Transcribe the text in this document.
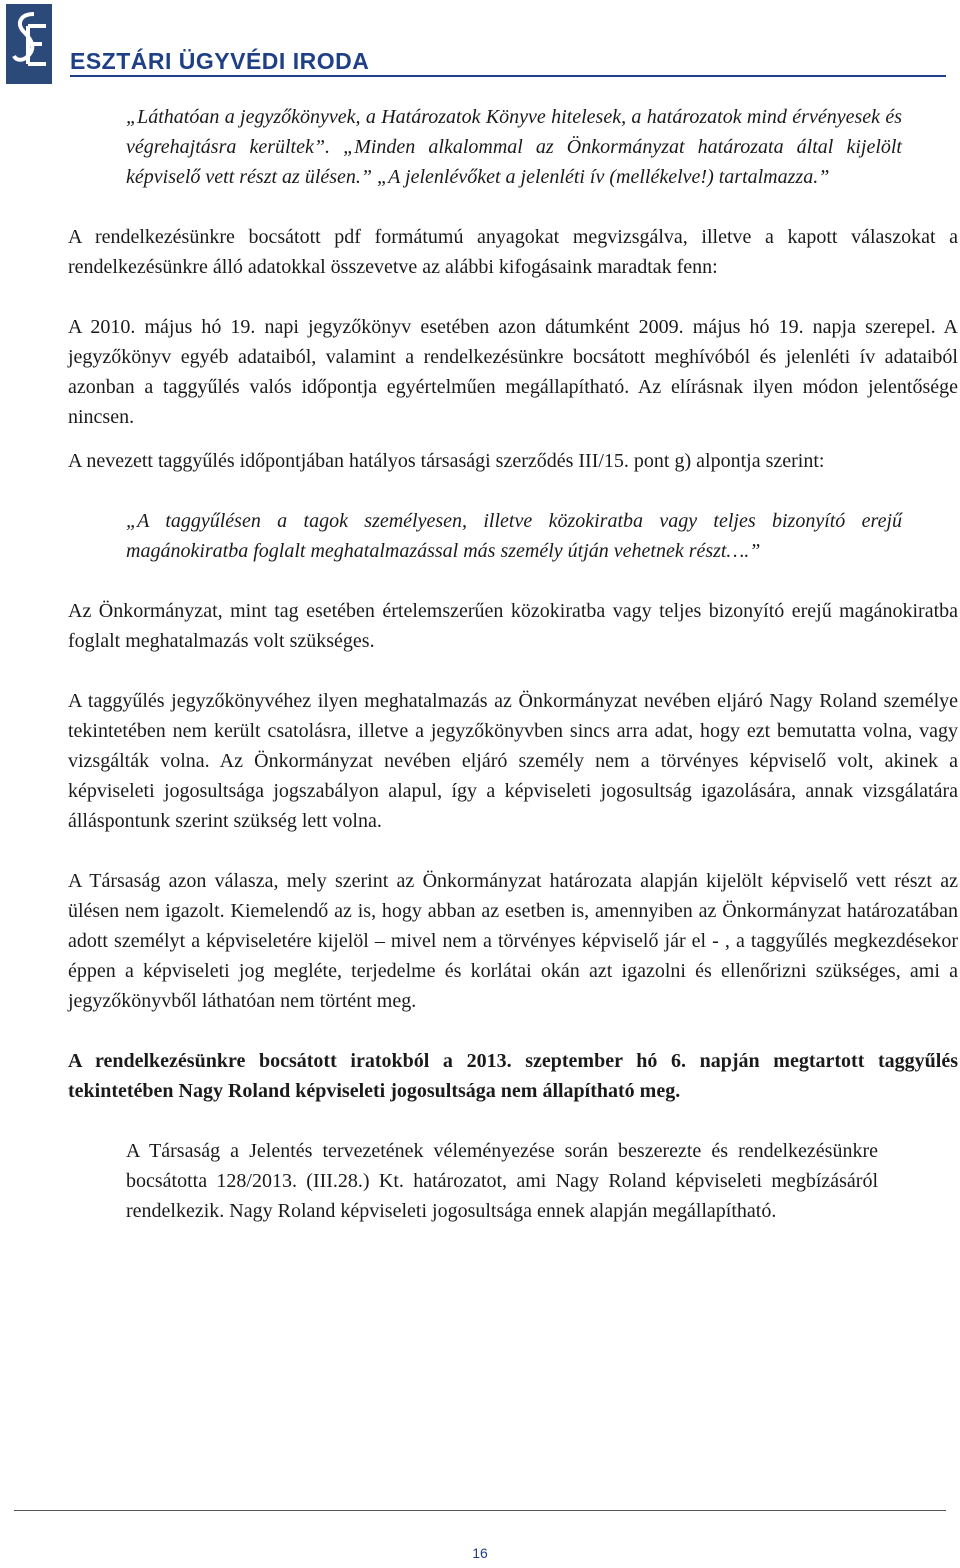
ESZTÁRI ÜGYVÉDI IRODA

„Láthatóan a jegyzőkönyvek, a Határozatok Könyve hitelesek, a határozatok mind érvényesek és végrehajtásra kerültek”. „Minden alkalommal az Önkormányzat határozata által kijelölt képviselő vett részt az ülésen.” „A jelenlévőket a jelenléti ív (mellékelve!) tartalmazza.”

A rendelkezésünkre bocsátott pdf formátumú anyagokat megvizsgálva, illetve a kapott válaszokat a rendelkezésünkre álló adatokkal összevetve az alábbi kifogásaink maradtak fenn:

A 2010. május hó 19. napi jegyzőkönyv esetében azon dátumként 2009. május hó 19. napja szerepel. A jegyzőkönyv egyéb adataiból, valamint a rendelkezésünkre bocsátott meghívóból és jelenléti ív adataiból azonban a taggyűlés valós időpontja egyértelműen megállapítható. Az elírásnak ilyen módon jelentősége nincsen.

A nevezett taggyűlés időpontjában hatályos társasági szerződés III/15. pont g) alpontja szerint:

„A taggyűlésen a tagok személyesen, illetve közokiratba vagy teljes bizonyító erejű magánokiratba foglalt meghatalmazással más személy útján vehetnek részt….”

Az Önkormányzat, mint tag esetében értelemszerűen közokiratba vagy teljes bizonyító erejű magánokiratba foglalt meghatalmazás volt szükséges.

A taggyűlés jegyzőkönyvéhez ilyen meghatalmazás az Önkormányzat nevében eljáró Nagy Roland személye tekintetében nem került csatolásra, illetve a jegyzőkönyvben sincs arra adat, hogy ezt bemutatta volna, vagy vizsgálták volna. Az Önkormányzat nevében eljáró személy nem a törvényes képviselő volt, akinek a képviseleti jogosultsága jogszabályon alapul, így a képviseleti jogosultság igazolására, annak vizsgálatára álláspontunk szerint szükség lett volna.

A Társaság azon válasza, mely szerint az Önkormányzat határozata alapján kijelölt képviselő vett részt az ülésen nem igazolt. Kiemelendő az is, hogy abban az esetben is, amennyiben az Önkormányzat határozatában adott személyt a képviseletére kijelöl – mivel nem a törvényes képviselő jár el - , a taggyűlés megkezdésekor éppen a képviseleti jog megléte, terjedelme és korlátai okán azt igazolni és ellenőrizni szükséges, ami a jegyzőkönyvből láthatóan nem történt meg.

A rendelkezésünkre bocsátott iratokból a 2013. szeptember hó 6. napján megtartott taggyűlés tekintetében Nagy Roland képviseleti jogosultsága nem állapítható meg.

A Társaság a Jelentés tervezetének véleményezése során beszerezte és rendelkezésünkre bocsátotta 128/2013. (III.28.) Kt. határozatot, ami Nagy Roland képviseleti megbízásáról rendelkezik. Nagy Roland képviseleti jogosultsága ennek alapján megállapítható.

16
